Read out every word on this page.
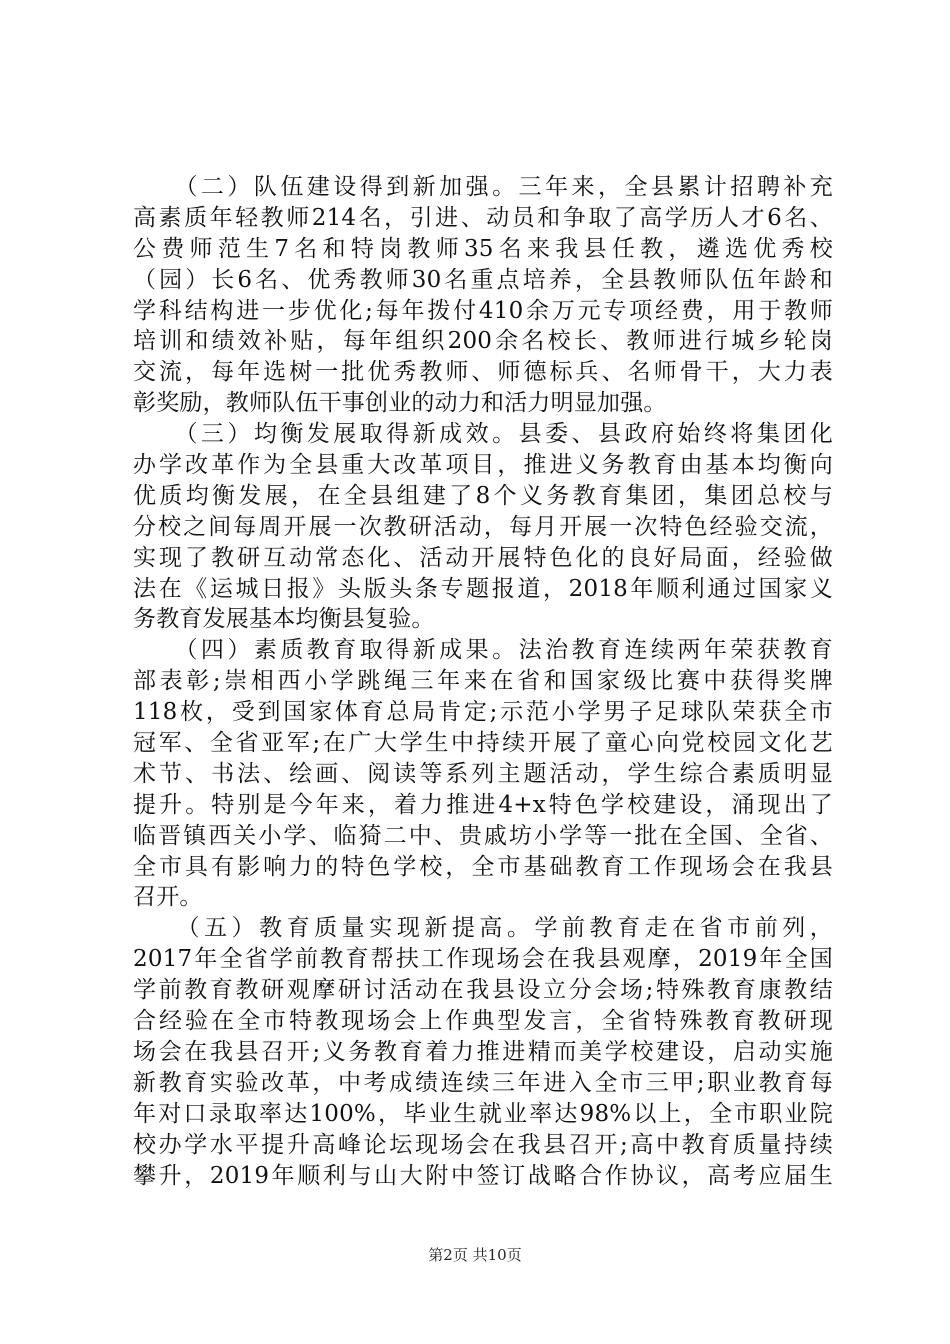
　　（二）队伍建设得到新加强。三年来，全县累计招聘补充
高素质年轻教师214名，引进、动员和争取了高学历人才6名、
公费师范生7名和特岗教师35名来我县任教，遴选优秀校
（园）长6名、优秀教师30名重点培养，全县教师队伍年龄和
学科结构进一步优化;每年拨付410余万元专项经费，用于教师
培训和绩效补贴，每年组织200余名校长、教师进行城乡轮岗
交流，每年选树一批优秀教师、师德标兵、名师骨干，大力表
彰奖励，教师队伍干事创业的动力和活力明显加强。
　　（三）均衡发展取得新成效。县委、县政府始终将集团化
办学改革作为全县重大改革项目，推进义务教育由基本均衡向
优质均衡发展，在全县组建了8个义务教育集团，集团总校与
分校之间每周开展一次教研活动，每月开展一次特色经验交流，
实现了教研互动常态化、活动开展特色化的良好局面，经验做
法在《运城日报》头版头条专题报道，2018年顺利通过国家义
务教育发展基本均衡县复验。
　　（四）素质教育取得新成果。法治教育连续两年荣获教育
部表彰;崇相西小学跳绳三年来在省和国家级比赛中获得奖牌
118枚，受到国家体育总局肯定;示范小学男子足球队荣获全市
冠军、全省亚军;在广大学生中持续开展了童心向党校园文化艺
术节、书法、绘画、阅读等系列主题活动，学生综合素质明显
提升。特别是今年来，着力推进4+x特色学校建设，涌现出了
临晋镇西关小学、临猗二中、贵戚坊小学等一批在全国、全省、
全市具有影响力的特色学校，全市基础教育工作现场会在我县
召开。
　　（五）教育质量实现新提高。学前教育走在省市前列，
2017年全省学前教育帮扶工作现场会在我县观摩，2019年全国
学前教育教研观摩研讨活动在我县设立分会场;特殊教育康教结
合经验在全市特教现场会上作典型发言，全省特殊教育教研现
场会在我县召开;义务教育着力推进精而美学校建设，启动实施
新教育实验改革，中考成绩连续三年进入全市三甲;职业教育每
年对口录取率达100%，毕业生就业率达98%以上，全市职业院
校办学水平提升高峰论坛现场会在我县召开;高中教育质量持续
攀升，2019年顺利与山大附中签订战略合作协议，高考应届生
第2页 共10页
